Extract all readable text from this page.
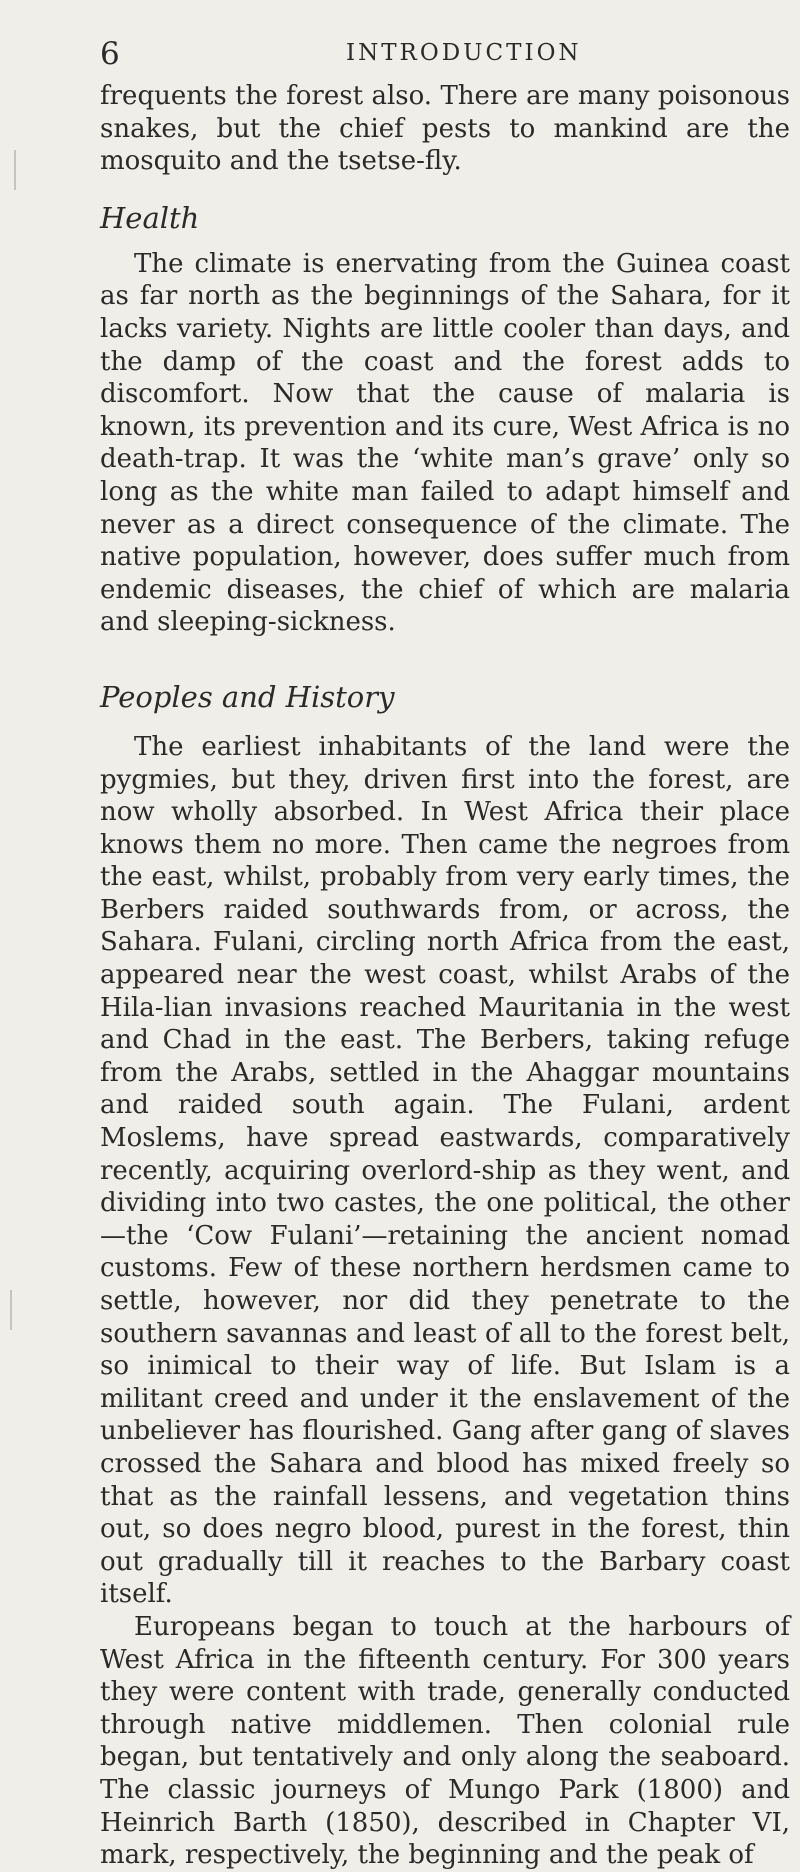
6	INTRODUCTION

frequents the forest also. There are many poisonous snakes, but the chief pests to mankind are the mosquito and the tsetse-fly.

Health

The climate is enervating from the Guinea coast as far north as the beginnings of the Sahara, for it lacks variety. Nights are little cooler than days, and the damp of the coast and the forest adds to discomfort. Now that the cause of malaria is known, its prevention and its cure, West Africa is no death-trap. It was the ‘white man’s grave’ only so long as the white man failed to adapt himself and never as a direct consequence of the climate. The native population, however, does suffer much from endemic diseases, the chief of which are malaria and sleeping-sickness.

Peoples and History

The earliest inhabitants of the land were the pygmies, but they, driven first into the forest, are now wholly absorbed. In West Africa their place knows them no more. Then came the negroes from the east, whilst, probably from very early times, the Berbers raided southwards from, or across, the Sahara. Fulani, circling north Africa from the east, appeared near the west coast, whilst Arabs of the Hila-lian invasions reached Mauritania in the west and Chad in the east. The Berbers, taking refuge from the Arabs, settled in the Ahaggar mountains and raided south again. The Fulani, ardent Moslems, have spread eastwards, comparatively recently, acquiring overlord-ship as they went, and dividing into two castes, the one political, the other—the ‘Cow Fulani’—retaining the ancient nomad customs. Few of these northern herdsmen came to settle, however, nor did they penetrate to the southern savannas and least of all to the forest belt, so inimical to their way of life. But Islam is a militant creed and under it the enslavement of the unbeliever has flourished. Gang after gang of slaves crossed the Sahara and blood has mixed freely so that as the rainfall lessens, and vegetation thins out, so does negro blood, purest in the forest, thin out gradually till it reaches to the Barbary coast itself.

Europeans began to touch at the harbours of West Africa in the fifteenth century. For 300 years they were content with trade, generally conducted through native middlemen. Then colonial rule began, but tentatively and only along the seaboard. The classic journeys of Mungo Park (1800) and Heinrich Barth (1850), described in Chapter VI, mark, respectively, the beginning and the peak of
